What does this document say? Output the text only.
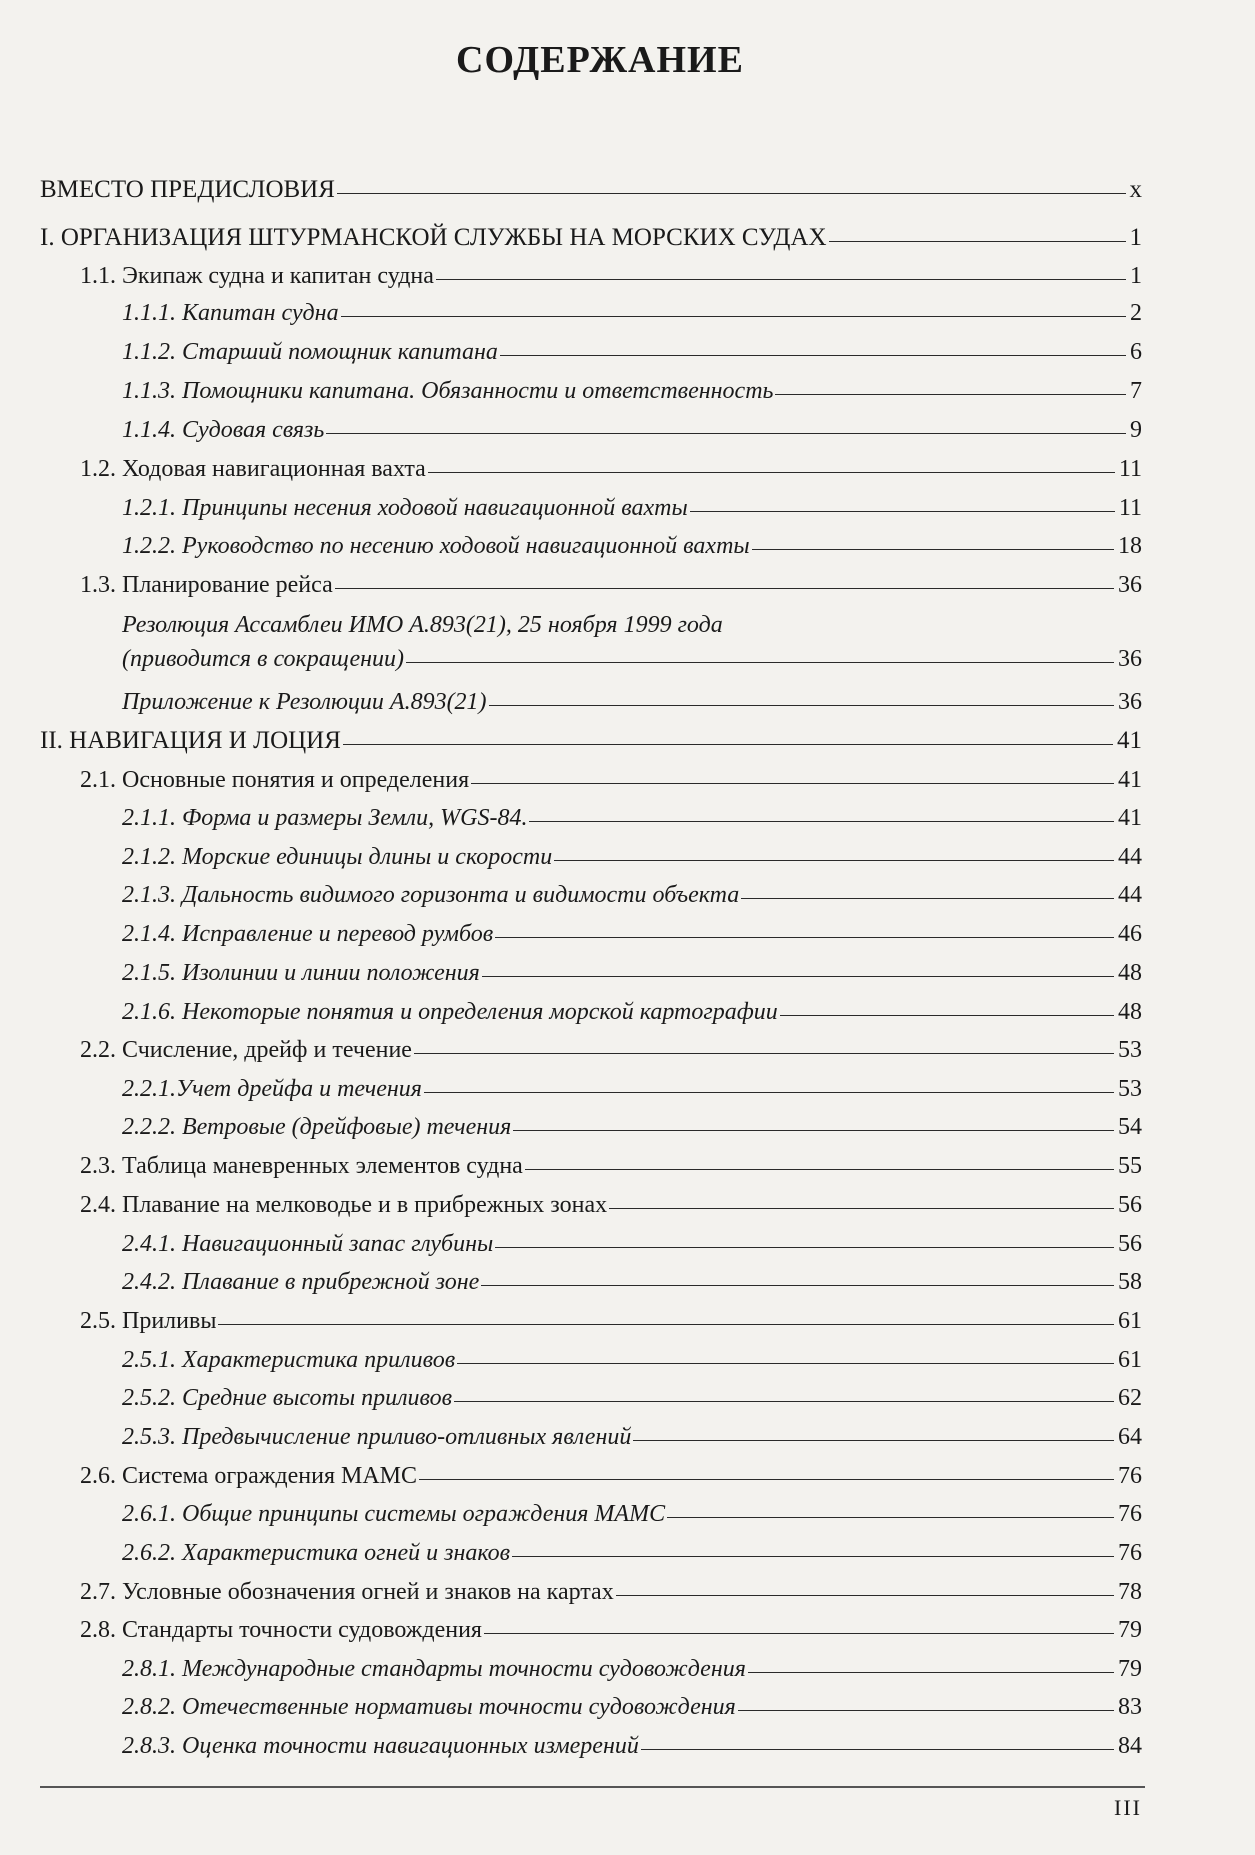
СОДЕРЖАНИЕ
ВМЕСТО ПРЕДИСЛОВИЯ	x
I. ОРГАНИЗАЦИЯ ШТУРМАНСКОЙ СЛУЖБЫ НА МОРСКИХ СУДАХ	1
1.1. Экипаж судна и капитан судна	1
1.1.1. Капитан судна	2
1.1.2. Старший помощник капитана	6
1.1.3. Помощники капитана. Обязанности и ответственность	7
1.1.4. Судовая связь	9
1.2. Ходовая навигационная вахта	11
1.2.1. Принципы несения ходовой навигационной вахты	11
1.2.2. Руководство по несению ходовой навигационной вахты	18
1.3. Планирование рейса	36
Резолюция Ассамблеи ИМО А.893(21), 25 ноября 1999 года
(приводится в сокращении)	36
Приложение к Резолюции А.893(21)	36
II. НАВИГАЦИЯ И ЛОЦИЯ	41
2.1. Основные понятия и определения	41
2.1.1. Форма и размеры Земли, WGS-84.	41
2.1.2. Морские единицы длины и скорости	44
2.1.3. Дальность видимого горизонта и видимости объекта	44
2.1.4. Исправление и перевод румбов	46
2.1.5. Изолинии и линии положения	48
2.1.6. Некоторые понятия и определения морской картографии	48
2.2. Счисление, дрейф и течение	53
2.2.1.Учет дрейфа и течения	53
2.2.2. Ветровые (дрейфовые) течения	54
2.3. Таблица маневренных элементов судна	55
2.4. Плавание на мелководье и в прибрежных зонах	56
2.4.1. Навигационный запас глубины	56
2.4.2. Плавание в прибрежной зоне	58
2.5. Приливы	61
2.5.1. Характеристика приливов	61
2.5.2. Средние высоты приливов	62
2.5.3. Предвычисление приливо-отливных явлений	64
2.6. Система ограждения МАМС	76
2.6.1. Общие принципы системы ограждения МАМС	76
2.6.2. Характеристика огней и знаков	76
2.7. Условные обозначения огней и знаков на картах	78
2.8. Стандарты точности судовождения	79
2.8.1. Международные стандарты точности судовождения	79
2.8.2. Отечественные нормативы точности судовождения	83
2.8.3. Оценка точности навигационных измерений	84
III
